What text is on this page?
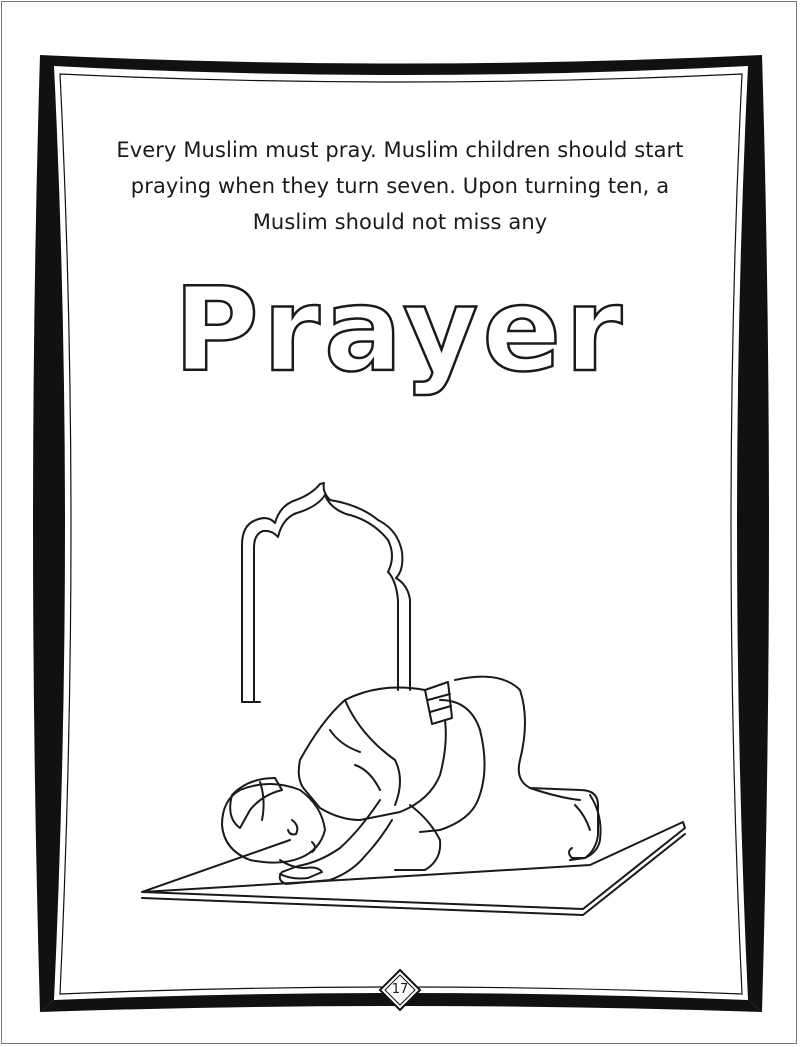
Every Muslim must pray. Muslim children should start praying when they turn seven. Upon turning ten, a Muslim should not miss any

Prayer
17
